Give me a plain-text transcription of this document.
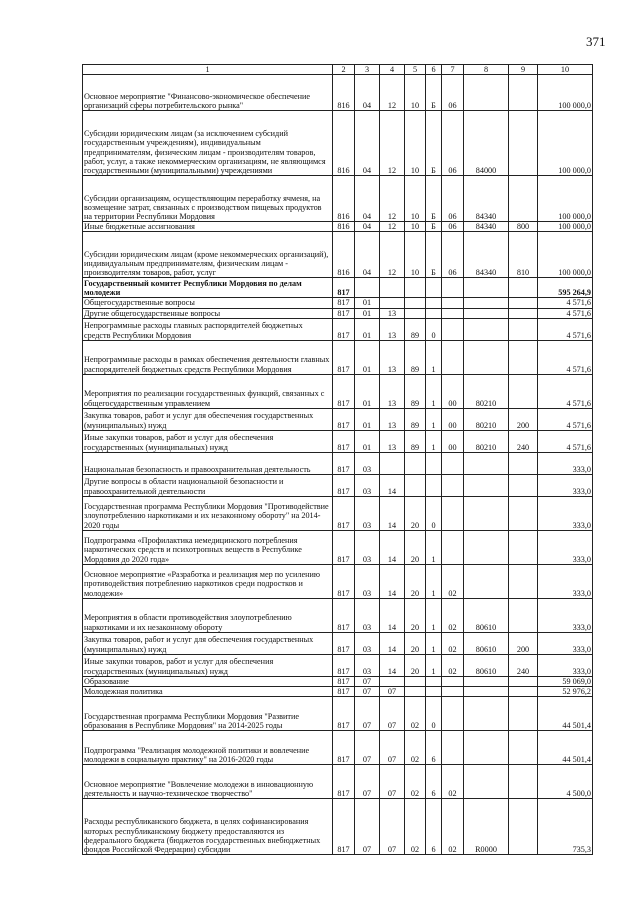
371
1	2	3	4	5	6	7	8	9	10
Основное мероприятие "Финансово-экономическое обеспечение организаций сферы потребительского рынка"	816	04	12	10	Б	06			100 000,0
Субсидии юридическим лицам (за исключением субсидий государственным учреждениям), индивидуальным предпринимателям, физическим лицам - производителям товаров, работ, услуг, а также некоммерческим организациям, не являющимся государственными (муниципальными) учреждениями	816	04	12	10	Б	06	84000		100 000,0
Субсидии организациям, осуществляющим переработку ячменя, на возмещение затрат, связанных с производством пищевых продуктов на территории Республики Мордовия	816	04	12	10	Б	06	84340		100 000,0
Иные бюджетные ассигнования	816	04	12	10	Б	06	84340	800	100 000,0
Субсидии юридическим лицам (кроме некоммерческих организаций), индивидуальным предпринимателям, физическим лицам - производителям товаров, работ, услуг	816	04	12	10	Б	06	84340	810	100 000,0
Государственный комитет Республики Мордовия по делам молодежи	817								595 264,9
Общегосударственные вопросы	817	01							4 571,6
Другие общегосударственные вопросы	817	01	13						4 571,6
Непрограммные расходы главных распорядителей бюджетных средств Республики Мордовия	817	01	13	89	0				4 571,6
Непрограммные расходы в рамках обеспечения деятельности главных распорядителей бюджетных средств Республики Мордовия	817	01	13	89	1				4 571,6
Мероприятия по реализации государственных функций, связанных с общегосударственным управлением	817	01	13	89	1	00	80210		4 571,6
Закупка товаров, работ и услуг для обеспечения государственных (муниципальных) нужд	817	01	13	89	1	00	80210	200	4 571,6
Иные закупки товаров, работ и услуг для обеспечения государственных (муниципальных) нужд	817	01	13	89	1	00	80210	240	4 571,6
Национальная безопасность и правоохранительная деятельность	817	03							333,0
Другие вопросы в области национальной безопасности и правоохранительной деятельности	817	03	14						333,0
Государственная программа Республики Мордовия "Противодействие злоупотреблению наркотиками и их незаконному обороту" на 2014-2020 годы	817	03	14	20	0				333,0
Подпрограмма «Профилактика немедицинского потребления наркотических средств и психотропных веществ в Республике Мордовия до 2020 года»	817	03	14	20	1				333,0
Основное мероприятие «Разработка и реализация мер по усилению противодействия потреблению наркотиков среди подростков и молодежи»	817	03	14	20	1	02			333,0
Мероприятия в области противодействия злоупотреблению наркотиками и их незаконному обороту	817	03	14	20	1	02	80610		333,0
Закупка товаров, работ и услуг для обеспечения государственных (муниципальных) нужд	817	03	14	20	1	02	80610	200	333,0
Иные закупки товаров, работ и услуг для обеспечения государственных (муниципальных) нужд	817	03	14	20	1	02	80610	240	333,0
Образование	817	07							59 069,0
Молодежная политика	817	07	07						52 976,2
Государственная программа Республики Мордовия "Развитие образования в Республике Мордовия" на 2014-2025 годы	817	07	07	02	0				44 501,4
Подпрограмма "Реализация молодежной политики и вовлечение молодежи в социальную практику" на 2016-2020 годы	817	07	07	02	6				44 501,4
Основное мероприятие "Вовлечение молодежи в инновационную деятельность и научно-техническое творчество"	817	07	07	02	6	02			4 500,0
Расходы республиканского бюджета, в целях софинансирования которых республиканскому бюджету предоставляются из федерального бюджета (бюджетов государственных внебюджетных фондов Российской Федерации) субсидии	817	07	07	02	6	02	R0000		735,3
